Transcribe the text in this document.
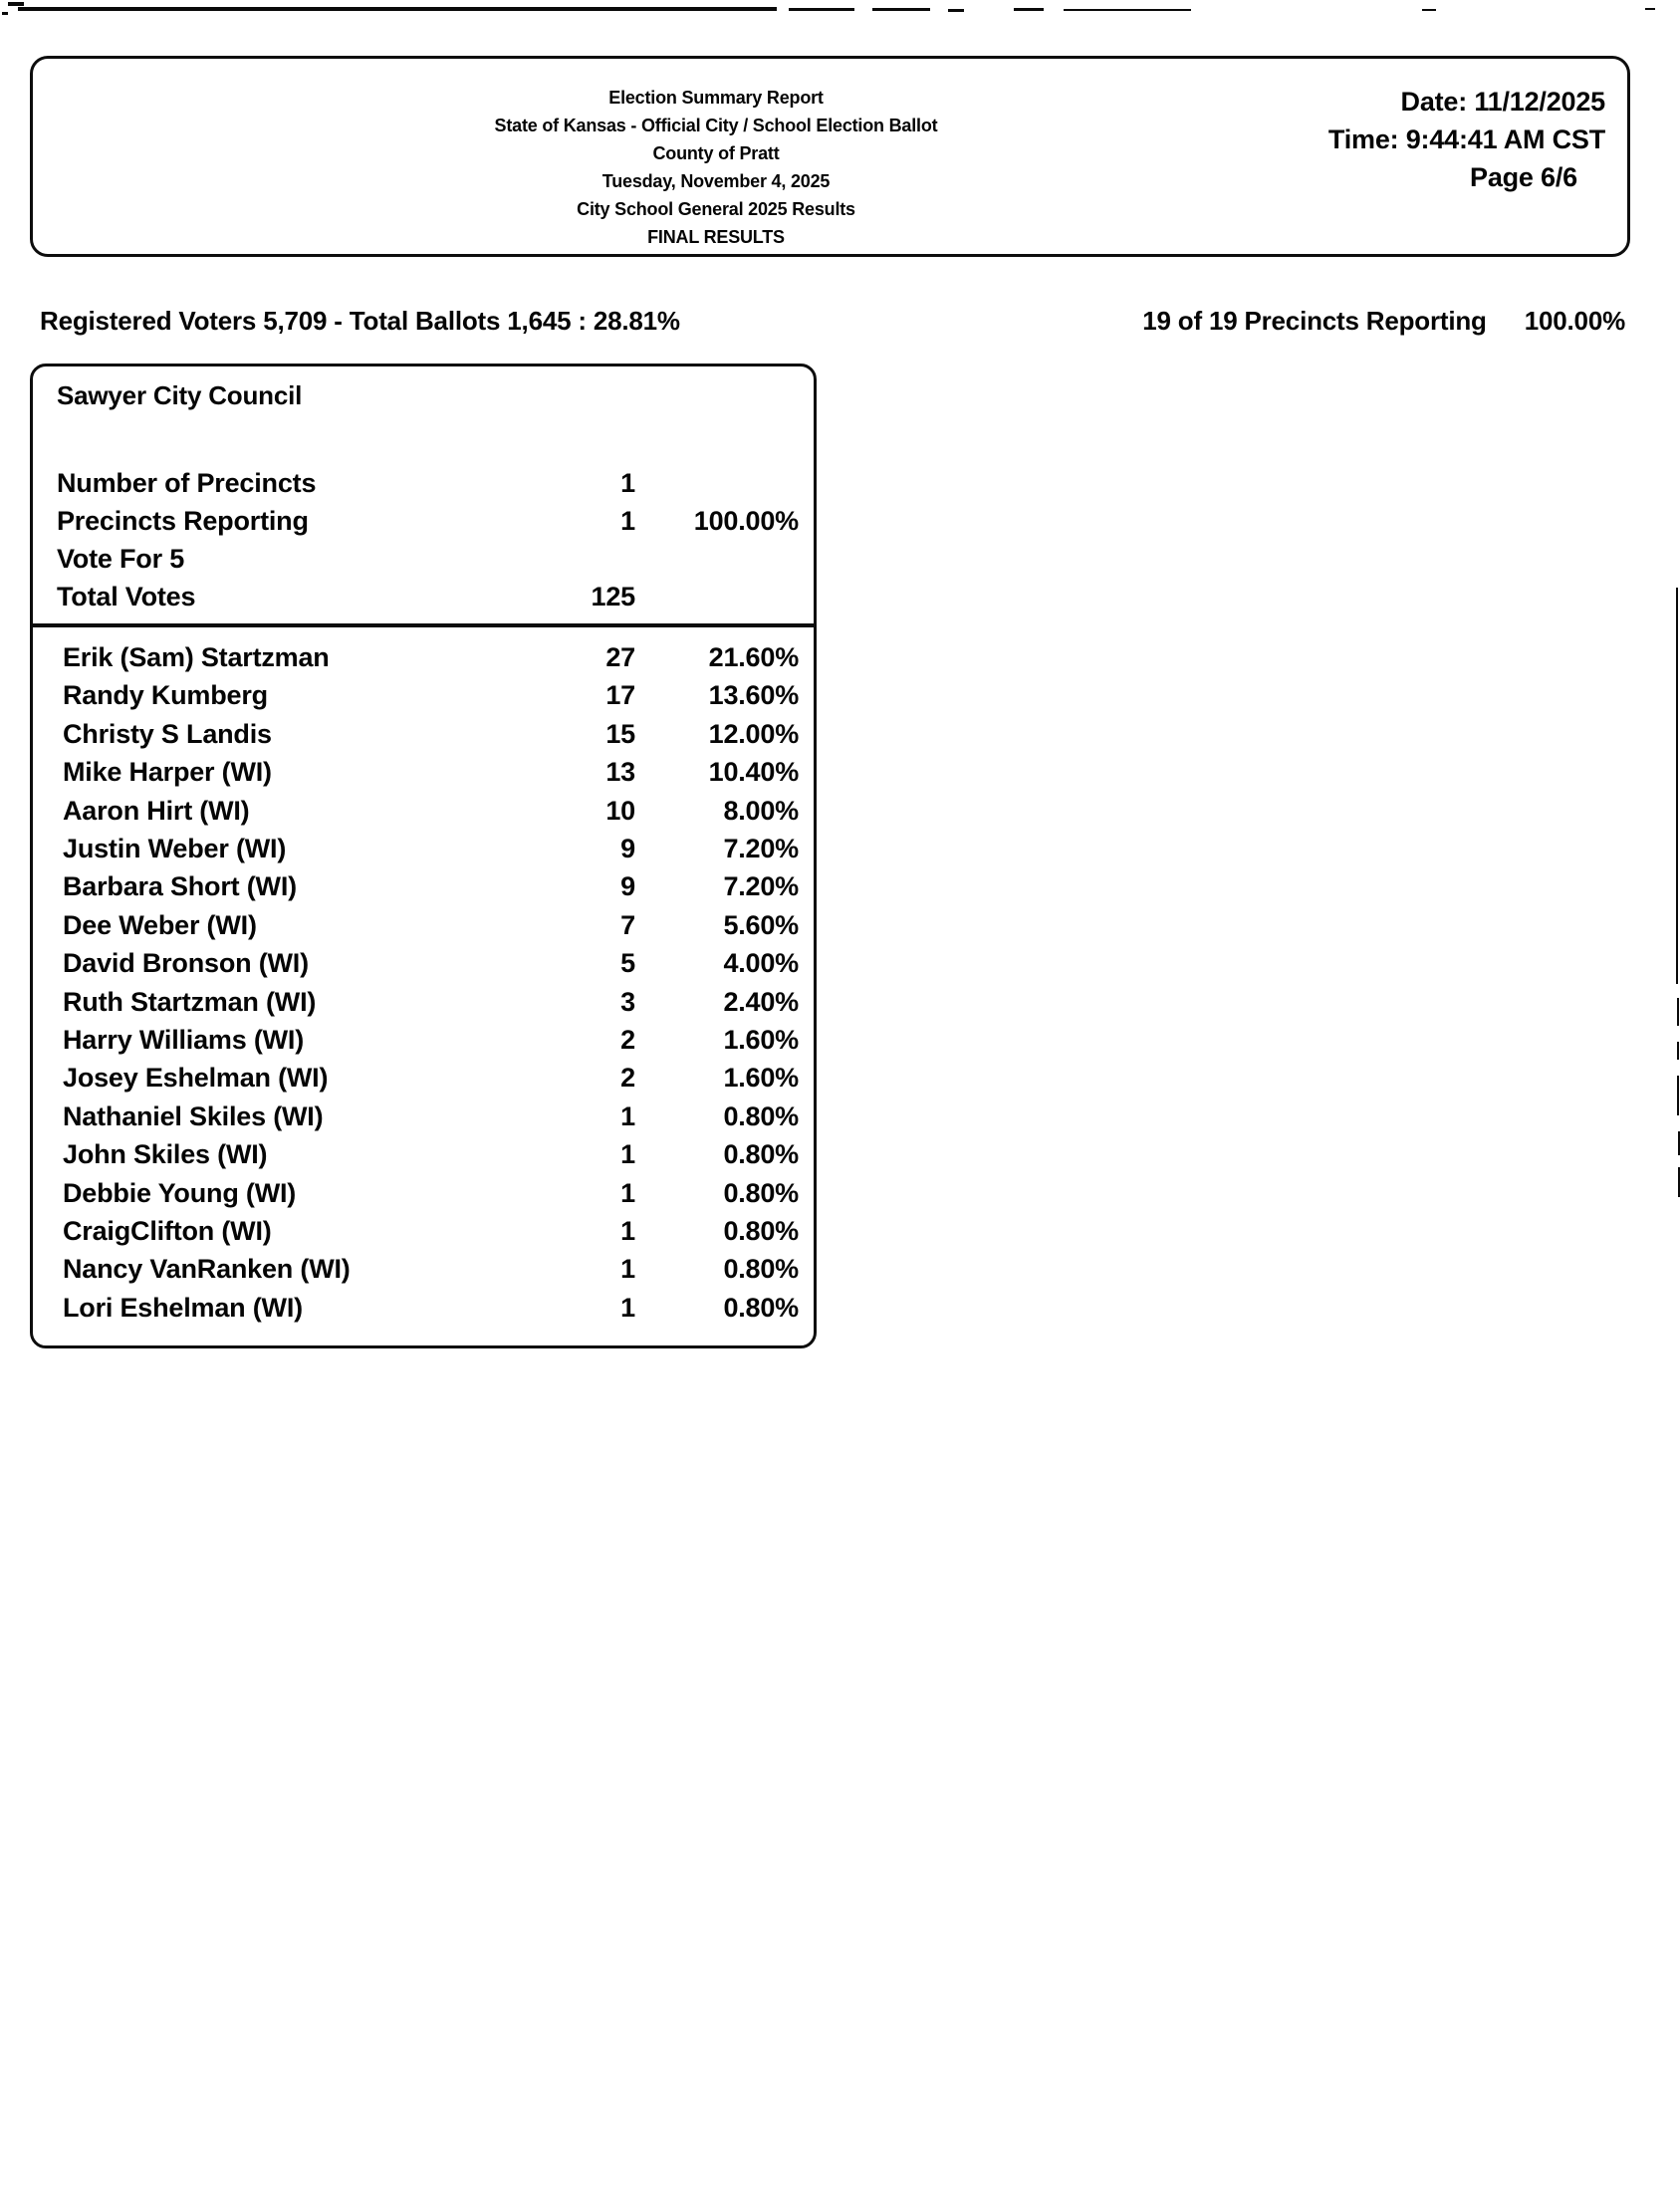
Election Summary Report
State of Kansas - Official City / School Election Ballot
County of Pratt
Tuesday, November 4, 2025
City School General 2025 Results
FINAL RESULTS
Date: 11/12/2025
Time: 9:44:41 AM CST
Page 6/6
Registered Voters 5,709 - Total Ballots 1,645 : 28.81%	19 of 19 Precincts Reporting 100.00%
Sawyer City Council
1
Number of Precincts
100.00%
1
Precincts Reporting
Vote For 5
125
Total Votes
21.60%
27
Erik (Sam) Startzman
13.60%
17
Randy Kumberg
12.00%
15
Christy S Landis
10.40%
13
Mike Harper (WI)
8.00%
10
Aaron Hirt (WI)
7.20%
9
Justin Weber (WI)
7.20%
9
Barbara Short (WI)
5.60%
7
Dee Weber (WI)
4.00%
5
David Bronson (WI)
2.40%
3
Ruth Startzman (WI)
1.60%
2
Harry Williams (WI)
1.60%
2
Josey Eshelman (WI)
0.80%
1
Nathaniel Skiles (WI)
0.80%
1
John Skiles (WI)
0.80%
1
Debbie Young (WI)
0.80%
1
CraigClifton (WI)
0.80%
1
Nancy VanRanken (WI)
0.80%
1
Lori Eshelman (WI)
